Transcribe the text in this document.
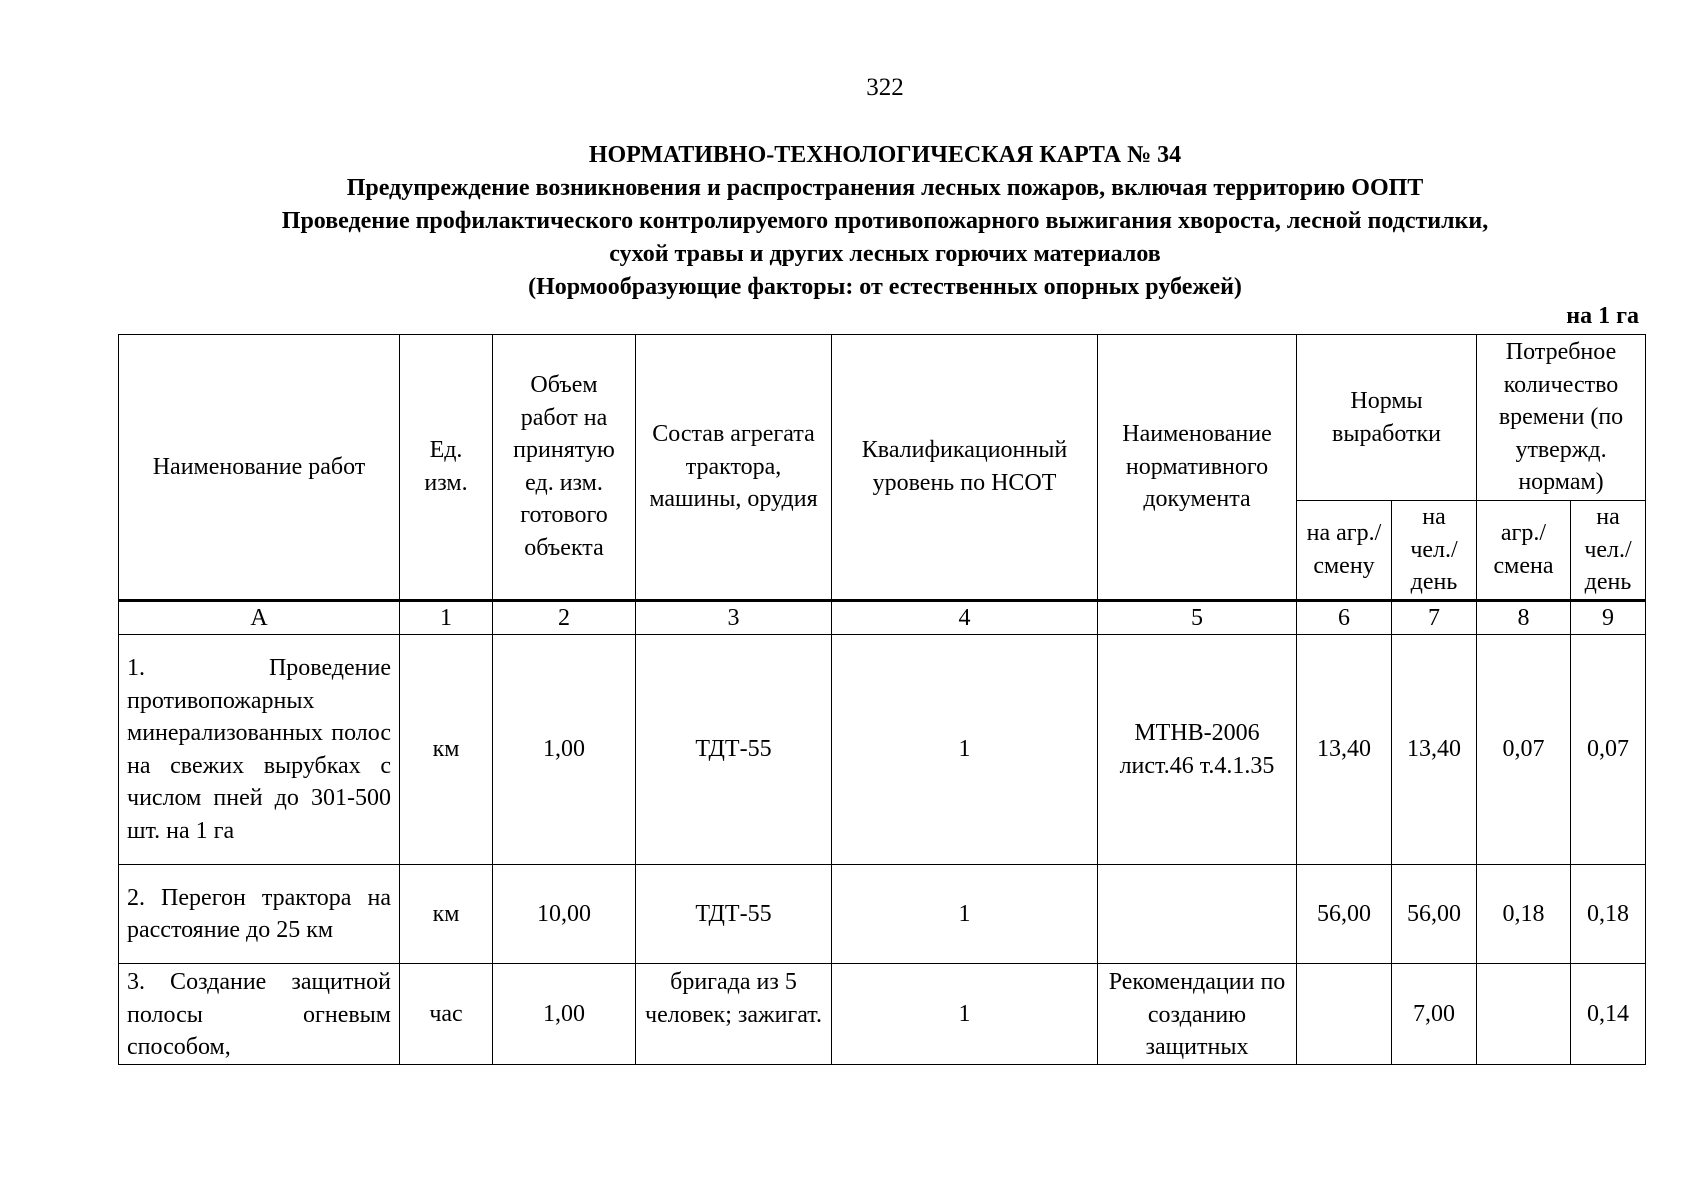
322
НОРМАТИВНО-ТЕХНОЛОГИЧЕСКАЯ КАРТА № 34
Предупреждение возникновения и распространения лесных пожаров, включая территорию ООПТ
Проведение профилактического контролируемого противопожарного выжигания хвороста, лесной подстилки,
сухой травы и других лесных горючих материалов
(Нормообразующие факторы: от естественных опорных рубежей)
на 1 га
Наименование работ	Ед. изм.	Объем работ на принятую ед. изм. готового объекта	Состав агрегата трактора, машины, орудия	Квалификационный уровень по НСОТ	Наименование нормативного документа	Нормы выработки		Потребное количество времени (по утвержд. нормам)	
						на агр./ смену	на чел./ день	агр./ смена	на чел./ день
А	1	2	3	4	5	6	7	8	9
1. Проведение противопожарных минерализованных полос на свежих вырубках с числом пней до 301-500 шт. на 1 га	км	1,00	ТДТ-55	1	МТНВ-2006 лист.46 т.4.1.35	13,40	13,40	0,07	0,07
2. Перегон трактора на расстояние до 25 км	км	10,00	ТДТ-55	1		56,00	56,00	0,18	0,18
3. Создание защитной полосы огневым способом,	час	1,00	бригада из 5 человек; зажигат.	1	Рекомендации по созданию защитных		7,00		0,14
